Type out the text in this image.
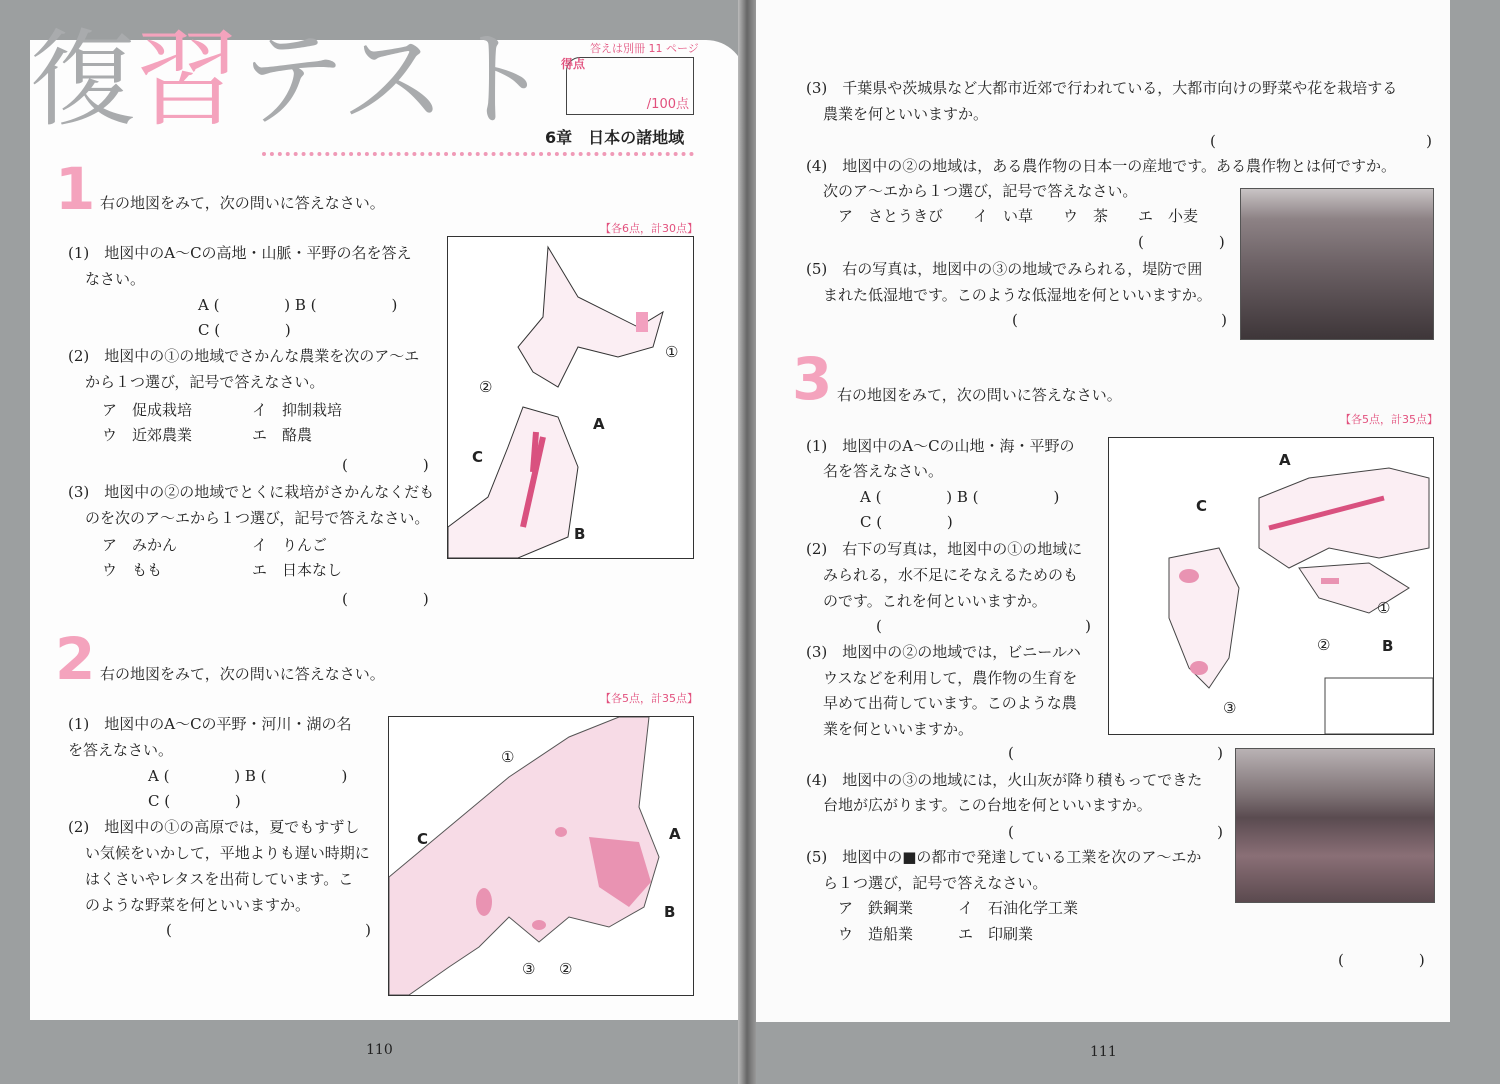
復習テスト	答えは別冊 11 ページ
得点
/100点
6章　日本の諸地域
1 右の地図をみて，次の問いに答えなさい。
【各6点，計30点】
(1)　地図中のA～Cの高地・山脈・平野の名を答え
なさい。
A (　　　　 ) B (　　　　　)
C (　　　　 )
(2)　地図中の①の地域でさかんな農業を次のア～エ
から１つ選び，記号で答えなさい。
ア　促成栽培　　　　イ　抑制栽培
ウ　近郊農業　　　　エ　酪農
(　　　　　)
(3)　地図中の②の地域でとくに栽培がさかんなくだも
のを次のア～エから１つ選び，記号で答えなさい。
ア　みかん　　　　　イ　りんご
ウ　もも　　　　　　エ　日本なし
(　　　　　)
①
②
A
B
C
2 右の地図をみて，次の問いに答えなさい。
【各5点，計35点】
(1)　地図中のA～Cの平野・河川・湖の名
を答えなさい。
A (　　　　 ) B (　　　　　)
C (　　　　 )
(2)　地図中の①の高原では，夏でもすずし
い気候をいかして，平地よりも遅い時期に
はくさいやレタスを出荷しています。こ
のような野菜を何といいますか。
(　　　　　　　　　　　　　　　)
①
②
③
A
B
C
(3)　千葉県や茨城県など大都市近郊で行われている，大都市向けの野菜や花を栽培する
農業を何といいますか。
(　　　　　　　　　　　　　　　　　　　)
(4)　地図中の②の地域は，ある農作物の日本一の産地です。ある農作物とは何ですか。
次のア～エから１つ選び，記号で答えなさい。
ア　さとうきび　　イ　い草　　ウ　茶　　エ　小麦
(　　　　　)
(5)　右の写真は，地図中の③の地域でみられる，堤防で囲
まれた低湿地です。このような低湿地を何といいますか。
(　　　　　　　　　　　　　　　　)
3 右の地図をみて，次の問いに答えなさい。
【各5点，計35点】
(1)　地図中のA～Cの山地・海・平野の
名を答えなさい。
A (　　　　 ) B (　　　　　)
C (　　　　 )
(2)　右下の写真は，地図中の①の地域に
みられる，水不足にそなえるためのも
のです。これを何といいますか。
(　　　　　　　　　　　　　　　)
(3)　地図中の②の地域では，ビニールハ
ウスなどを利用して，農作物の生育を
早めて出荷しています。このような農
業を何といいますか。
(　　　　　　　　　　　　　　　　)
(4)　地図中の③の地域には，火山灰が降り積もってできた
台地が広がります。この台地を何といいますか。
(　　　　　　　　　　　　　　　　)
(5)　地図中の■の都市で発達している工業を次のア～エか
ら１つ選び，記号で答えなさい。
ア　鉄鋼業　　　イ　石油化学工業
ウ　造船業　　　エ　印刷業
(　　　　　)
①
②
③
A
B
C
110	111
